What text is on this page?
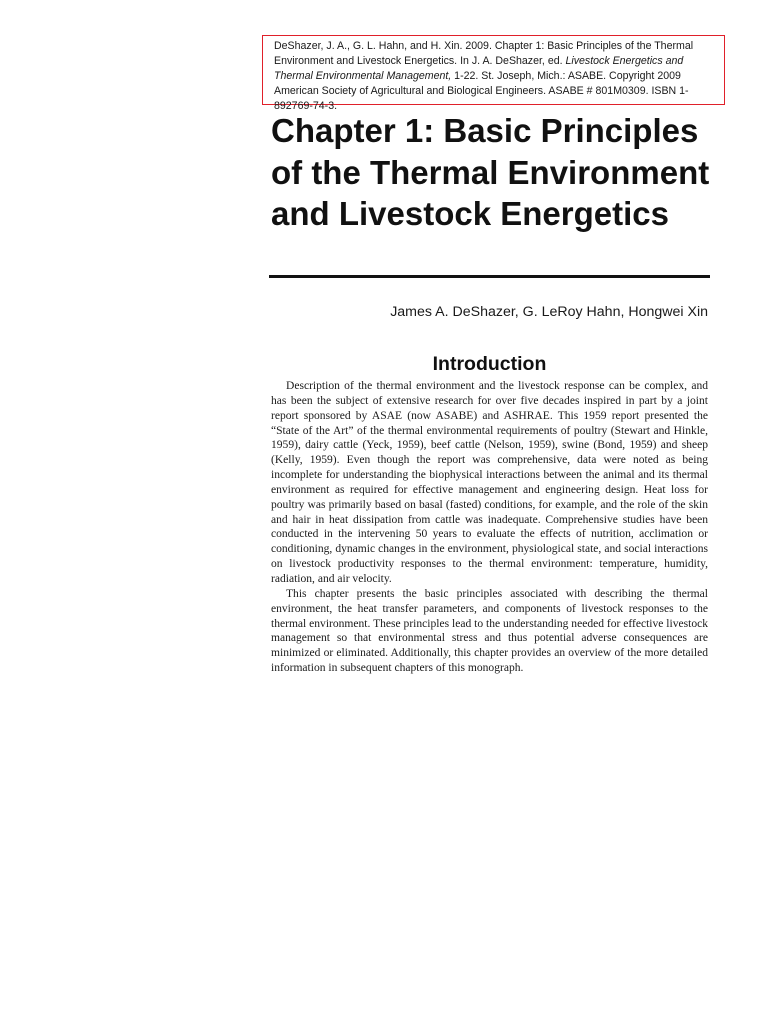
DeShazer, J. A., G. L. Hahn, and H. Xin. 2009. Chapter 1: Basic Principles of the Thermal Environment and Livestock Energetics. In J. A. DeShazer, ed. Livestock Energetics and Thermal Environmental Management, 1-22. St. Joseph, Mich.: ASABE. Copyright 2009 American Society of Agricultural and Biological Engineers. ASABE # 801M0309. ISBN 1-892769-74-3.
Chapter 1: Basic Principles of the Thermal Environment and Livestock Energetics
James A. DeShazer, G. LeRoy Hahn, Hongwei Xin
Introduction

Description of the thermal environment and the livestock response can be complex, and has been the subject of extensive research for over five decades inspired in part by a joint report sponsored by ASAE (now ASABE) and ASHRAE. This 1959 report presented the “State of the Art” of the thermal environmental requirements of poultry (Stewart and Hinkle, 1959), dairy cattle (Yeck, 1959), beef cattle (Nelson, 1959), swine (Bond, 1959) and sheep (Kelly, 1959). Even though the report was comprehensive, data were noted as being incomplete for understanding the biophysical interactions between the animal and its thermal environment as required for effective management and engineering design. Heat loss for poultry was primarily based on basal (fasted) conditions, for example, and the role of the skin and hair in heat dissipation from cattle was inadequate. Comprehensive studies have been conducted in the intervening 50 years to evaluate the effects of nutrition, acclimation or conditioning, dynamic changes in the environment, physiological state, and social interactions on livestock productivity responses to the thermal environment: temperature, humidity, radiation, and air velocity.

This chapter presents the basic principles associated with describing the thermal environment, the heat transfer parameters, and components of livestock responses to the thermal environment. These principles lead to the understanding needed for effective livestock management so that environmental stress and thus potential adverse consequences are minimized or eliminated. Additionally, this chapter provides an overview of the more detailed information in subsequent chapters of this monograph.
